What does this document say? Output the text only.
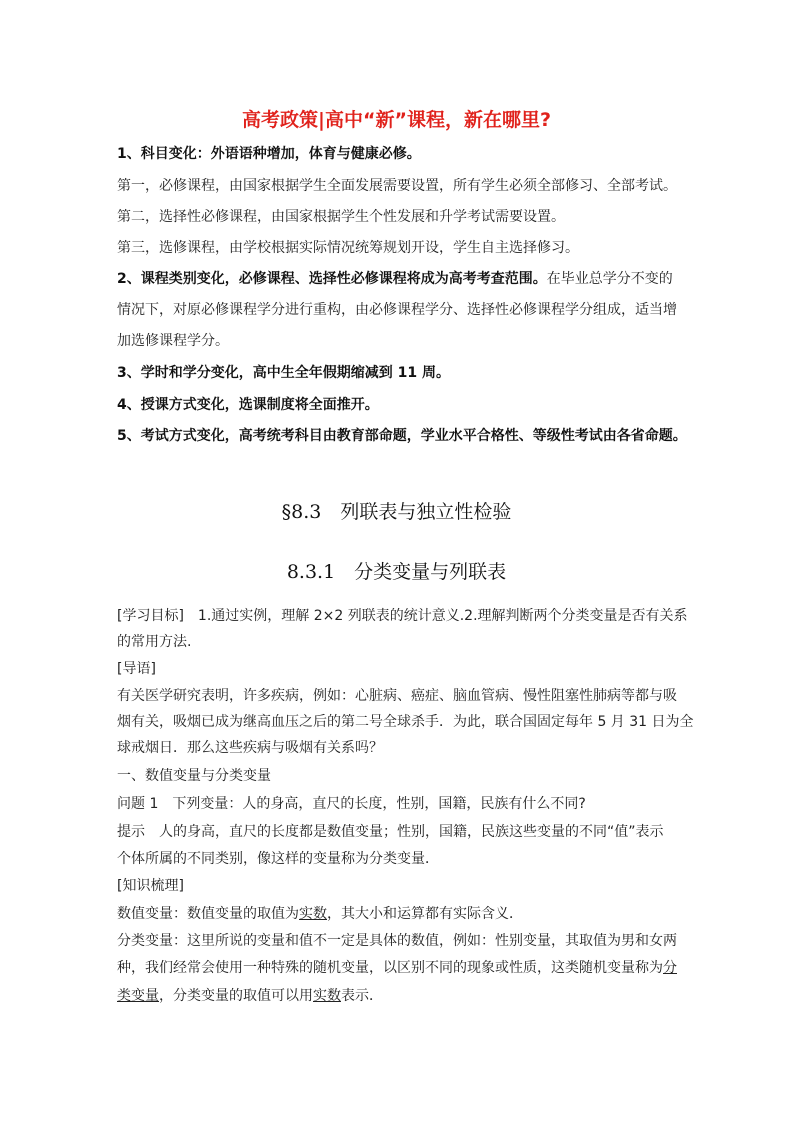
高考政策|高中“新”课程，新在哪里?
1、科目变化：外语语种增加，体育与健康必修。
第一，必修课程，由国家根据学生全面发展需要设置，所有学生必须全部修习、全部考试。
第二，选择性必修课程，由国家根据学生个性发展和升学考试需要设置。
第三，选修课程，由学校根据实际情况统筹规划开设，学生自主选择修习。
2、课程类别变化，必修课程、选择性必修课程将成为高考考查范围。在毕业总学分不变的
情况下，对原必修课程学分进行重构，由必修课程学分、选择性必修课程学分组成，适当增
加选修课程学分。
3、学时和学分变化，高中生全年假期缩减到 11 周。
4、授课方式变化，选课制度将全面推开。
5、考试方式变化，高考统考科目由教育部命题，学业水平合格性、等级性考试由各省命题。
§8.3　列联表与独立性检验
8.3.1　分类变量与列联表
[学习目标]　1.通过实例，理解 2×2 列联表的统计意义.2.理解判断两个分类变量是否有关系
的常用方法.
[导语]
有关医学研究表明，许多疾病，例如：心脏病、癌症、脑血管病、慢性阻塞性肺病等都与吸
烟有关，吸烟已成为继高血压之后的第二号全球杀手．为此，联合国固定每年 5 月 31 日为全
球戒烟日．那么这些疾病与吸烟有关系吗？
一、数值变量与分类变量
问题 1　下列变量：人的身高，直尺的长度，性别，国籍，民族有什么不同?
提示　人的身高，直尺的长度都是数值变量；性别，国籍，民族这些变量的不同“值”表示
个体所属的不同类别，像这样的变量称为分类变量．
[知识梳理]
数值变量：数值变量的取值为实数，其大小和运算都有实际含义．
分类变量：这里所说的变量和值不一定是具体的数值，例如：性别变量，其取值为男和女两
种，我们经常会使用一种特殊的随机变量，以区别不同的现象或性质，这类随机变量称为分
类变量，分类变量的取值可以用实数表示．
